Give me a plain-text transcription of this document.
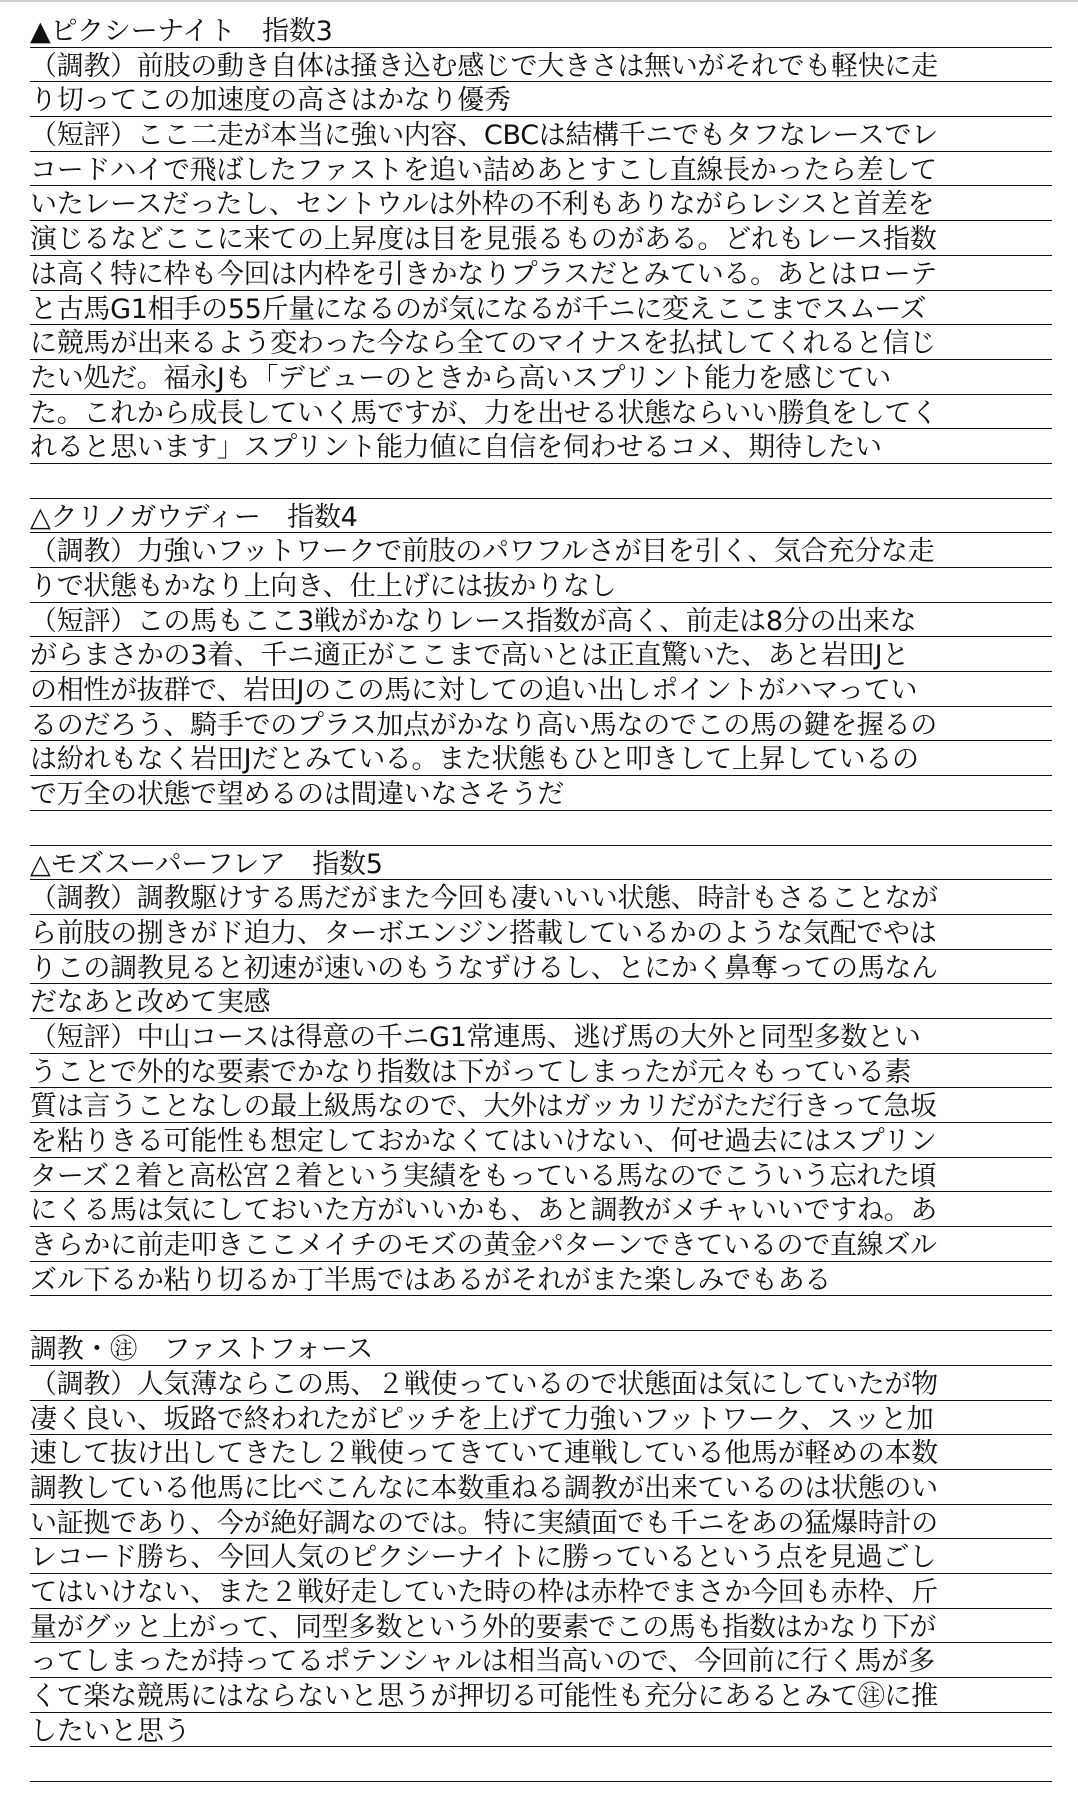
▲ピクシーナイト　指数3
（調教）前肢の動き自体は掻き込む感じで大きさは無いがそれでも軽快に走
り切ってこの加速度の高さはかなり優秀
（短評）ここ二走が本当に強い内容、CBCは結構千ニでもタフなレースでレ
コードハイで飛ばしたファストを追い詰めあとすこし直線長かったら差して
いたレースだったし、セントウルは外枠の不利もありながらレシスと首差を
演じるなどここに来ての上昇度は目を見張るものがある。どれもレース指数
は高く特に枠も今回は内枠を引きかなりプラスだとみている。あとはローテ
と古馬G1相手の55斤量になるのが気になるが千ニに変えここまでスムーズ
に競馬が出来るよう変わった今なら全てのマイナスを払拭してくれると信じ
たい処だ。福永Jも「デビューのときから高いスプリント能力を感じてい
た。これから成長していく馬ですが、力を出せる状態ならいい勝負をしてく
れると思います」スプリント能力値に自信を伺わせるコメ、期待したい
△クリノガウディー　指数4
（調教）力強いフットワークで前肢のパワフルさが目を引く、気合充分な走
りで状態もかなり上向き、仕上げには抜かりなし
（短評）この馬もここ3戦がかなりレース指数が高く、前走は8分の出来な
がらまさかの3着、千ニ適正がここまで高いとは正直驚いた、あと岩田Jと
の相性が抜群で、岩田Jのこの馬に対しての追い出しポイントがハマってい
るのだろう、騎手でのプラス加点がかなり高い馬なのでこの馬の鍵を握るの
は紛れもなく岩田Jだとみている。また状態もひと叩きして上昇しているの
で万全の状態で望めるのは間違いなさそうだ
△モズスーパーフレア　指数5
（調教）調教駆けする馬だがまた今回も凄いいい状態、時計もさることなが
ら前肢の捌きがド迫力、ターボエンジン搭載しているかのような気配でやは
りこの調教見ると初速が速いのもうなずけるし、とにかく鼻奪っての馬なん
だなあと改めて実感
（短評）中山コースは得意の千ニG1常連馬、逃げ馬の大外と同型多数とい
うことで外的な要素でかなり指数は下がってしまったが元々もっている素
質は言うことなしの最上級馬なので、大外はガッカリだがただ行きって急坂
を粘りきる可能性も想定しておかなくてはいけない、何せ過去にはスプリン
ターズ２着と高松宮２着という実績をもっている馬なのでこういう忘れた頃
にくる馬は気にしておいた方がいいかも、あと調教がメチャいいですね。あ
きらかに前走叩きここメイチのモズの黄金パターンできているので直線ズル
ズル下るか粘り切るか丁半馬ではあるがそれがまた楽しみでもある
調教・㊟　ファストフォース
（調教）人気薄ならこの馬、２戦使っているので状態面は気にしていたが物
凄く良い、坂路で終われたがピッチを上げて力強いフットワーク、スッと加
速して抜け出してきたし２戦使ってきていて連戦している他馬が軽めの本数
調教している他馬に比べこんなに本数重ねる調教が出来ているのは状態のい
い証拠であり、今が絶好調なのでは。特に実績面でも千ニをあの猛爆時計の
レコード勝ち、今回人気のピクシーナイトに勝っているという点を見過ごし
てはいけない、また２戦好走していた時の枠は赤枠でまさか今回も赤枠、斤
量がグッと上がって、同型多数という外的要素でこの馬も指数はかなり下が
ってしまったが持ってるポテンシャルは相当高いので、今回前に行く馬が多
くて楽な競馬にはならないと思うが押切る可能性も充分にあるとみて㊟に推
したいと思う
